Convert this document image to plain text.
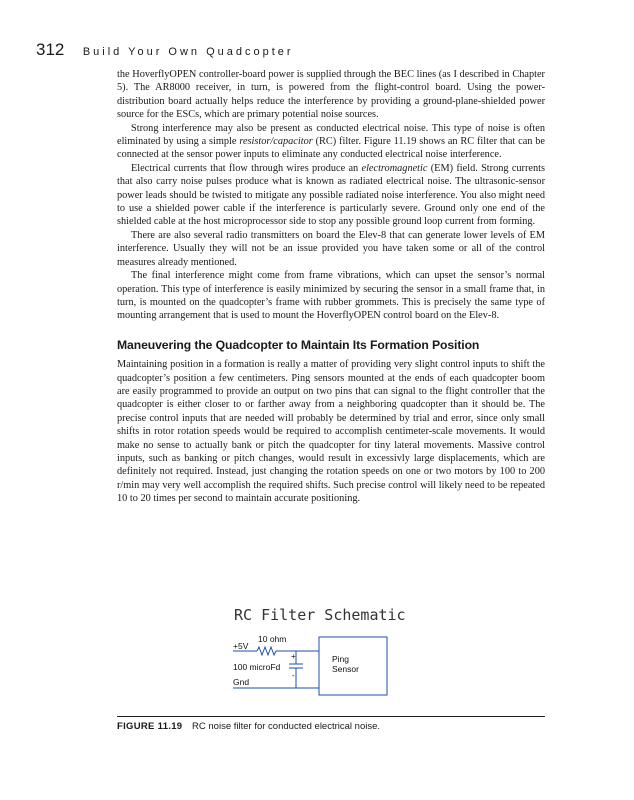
312 Build Your Own Quadcopter

the HoverflyOPEN controller-board power is supplied through the BEC lines (as I described in Chapter 5). The AR8000 receiver, in turn, is powered from the flight-control board. Using the power-distribution board actually helps reduce the interference by providing a ground-plane-shielded power source for the ESCs, which are primary potential noise sources.

Strong interference may also be present as conducted electrical noise. This type of noise is often eliminated by using a simple resistor/capacitor (RC) filter. Figure 11.19 shows an RC filter that can be connected at the sensor power inputs to eliminate any conducted electrical noise interference.

Electrical currents that flow through wires produce an electromagnetic (EM) field. Strong currents that also carry noise pulses produce what is known as radiated electrical noise. The ultrasonic-sensor power leads should be twisted to mitigate any possible radiated noise interference. You also might need to use a shielded power cable if the interference is particularly severe. Ground only one end of the shielded cable at the host microprocessor side to stop any possible ground loop current from forming.

There are also several radio transmitters on board the Elev-8 that can generate lower levels of EM interference. Usually they will not be an issue provided you have taken some or all of the control measures already mentioned.

The final interference might come from frame vibrations, which can upset the sensor’s normal operation. This type of interference is easily minimized by securing the sensor in a small frame that, in turn, is mounted on the quadcopter’s frame with rubber grommets. This is precisely the same type of mounting arrangement that is used to mount the HoverflyOPEN control board on the Elev-8.

Maneuvering the Quadcopter to Maintain Its Formation Position

Maintaining position in a formation is really a matter of providing very slight control inputs to shift the quadcopter’s position a few centimeters. Ping sensors mounted at the ends of each quadcopter boom are easily programmed to provide an output on two pins that can signal to the flight controller that the quadcopter is either closer to or farther away from a neighboring quadcopter than it should be. The precise control inputs that are needed will probably be determined by trial and error, since only small shifts in rotor rotation speeds would be required to accomplish centimeter-scale movements. It would make no sense to actually bank or pitch the quadcopter for tiny lateral movements. Massive control inputs, such as banking or pitch changes, would result in excessivly large displacements, which are definitely not required. Instead, just changing the rotation speeds on one or two motors by 100 to 200 r/min may very well accomplish the required shifts. Such precise control will likely need to be repeated 10 to 20 times per second to maintain accurate positioning.

RC Filter Schematic
10 ohm
+5V
+
100 microFd
-
Gnd
Ping
Sensor
FIGURE 11.19 RC noise filter for conducted electrical noise.
